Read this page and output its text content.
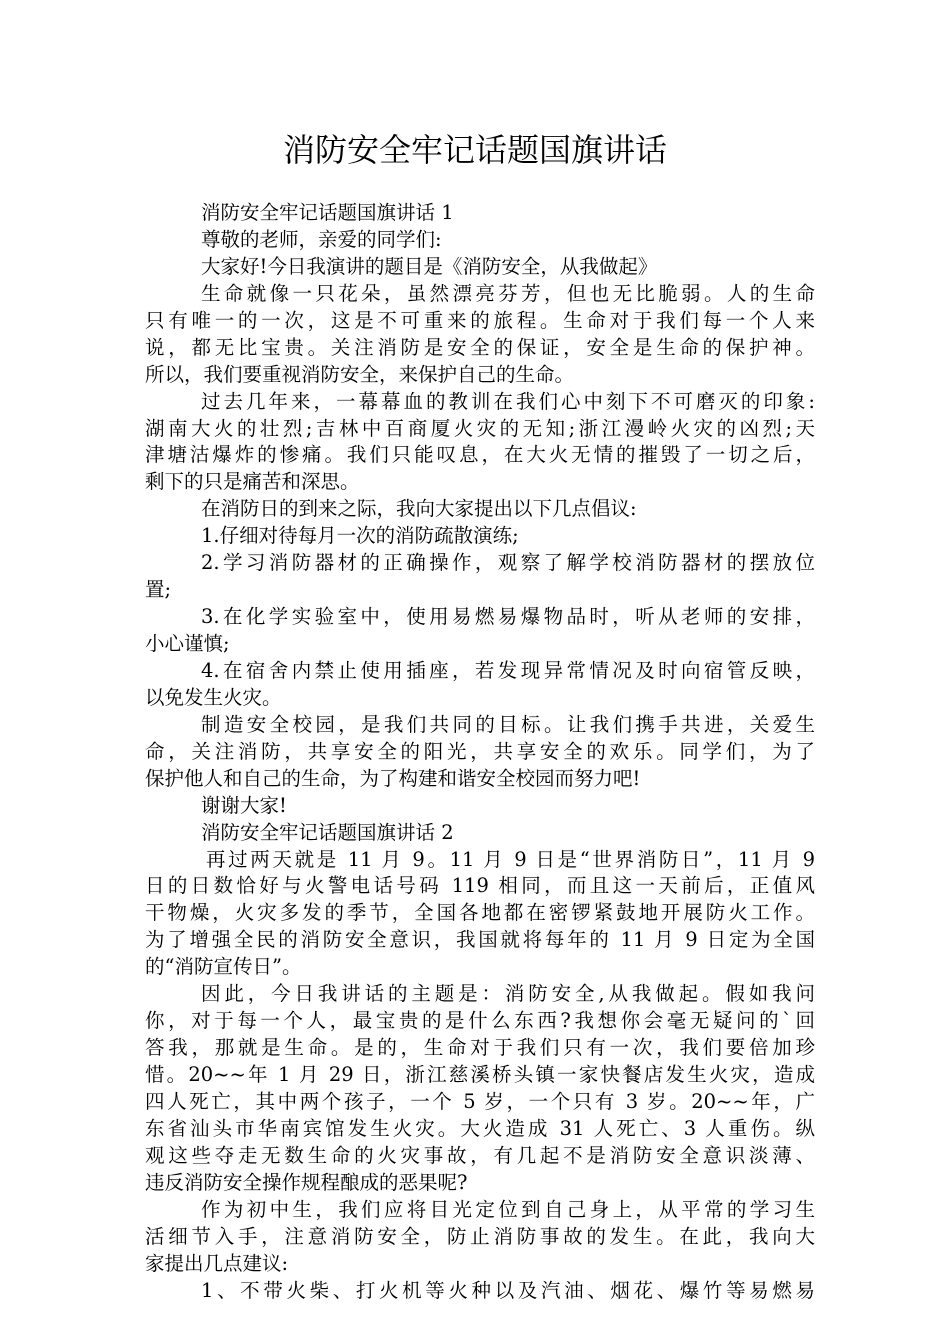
消防安全牢记话题国旗讲话
消防安全牢记话题国旗讲话 1
尊敬的老师，亲爱的同学们:
大家好!今日我演讲的题目是《消防安全，从我做起》
生命就像一只花朵，虽然漂亮芬芳，但也无比脆弱。人的生命
只有唯一的一次，这是不可重来的旅程。生命对于我们每一个人来
说，都无比宝贵。关注消防是安全的保证，安全是生命的保护神。
所以，我们要重视消防安全，来保护自己的生命。
过去几年来，一幕幕血的教训在我们心中刻下不可磨灭的印象:
湖南大火的壮烈;吉林中百商厦火灾的无知;浙江漫岭火灾的凶烈;天
津塘沽爆炸的惨痛。我们只能叹息，在大火无情的摧毁了一切之后，
剩下的只是痛苦和深思。
在消防日的到来之际，我向大家提出以下几点倡议:
1.仔细对待每月一次的消防疏散演练;
2.学习消防器材的正确操作，观察了解学校消防器材的摆放位
置;
3.在化学实验室中，使用易燃易爆物品时，听从老师的安排，
小心谨慎;
4.在宿舍内禁止使用插座，若发现异常情况及时向宿管反映，
以免发生火灾。
制造安全校园，是我们共同的目标。让我们携手共进，关爱生
命，关注消防，共享安全的阳光，共享安全的欢乐。同学们，为了
保护他人和自己的生命，为了构建和谐安全校园而努力吧!
谢谢大家!
消防安全牢记话题国旗讲话 2
再过两天就是 11 月 9。11 月 9 日是“世界消防日”，11 月 9
日的日数恰好与火警电话号码 119 相同，而且这一天前后，正值风
干物燥，火灾多发的季节，全国各地都在密锣紧鼓地开展防火工作。
为了增强全民的消防安全意识，我国就将每年的 11 月 9 日定为全国
的“消防宣传日”。
因此，今日我讲话的主题是：消防安全,从我做起。假如我问
你，对于每一个人，最宝贵的是什么东西?我想你会毫无疑问的`回
答我，那就是生命。是的，生命对于我们只有一次，我们要倍加珍
惜。20~~年 1 月 29 日，浙江慈溪桥头镇一家快餐店发生火灾，造成
四人死亡，其中两个孩子，一个 5 岁，一个只有 3 岁。20~~年，广
东省汕头市华南宾馆发生火灾。大火造成 31 人死亡、3 人重伤。纵
观这些夺走无数生命的火灾事故，有几起不是消防安全意识淡薄、
违反消防安全操作规程酿成的恶果呢?
作为初中生，我们应将目光定位到自己身上，从平常的学习生
活细节入手，注意消防安全，防止消防事故的发生。在此，我向大
家提出几点建议:
1、不带火柴、打火机等火种以及汽油、烟花、爆竹等易燃易
